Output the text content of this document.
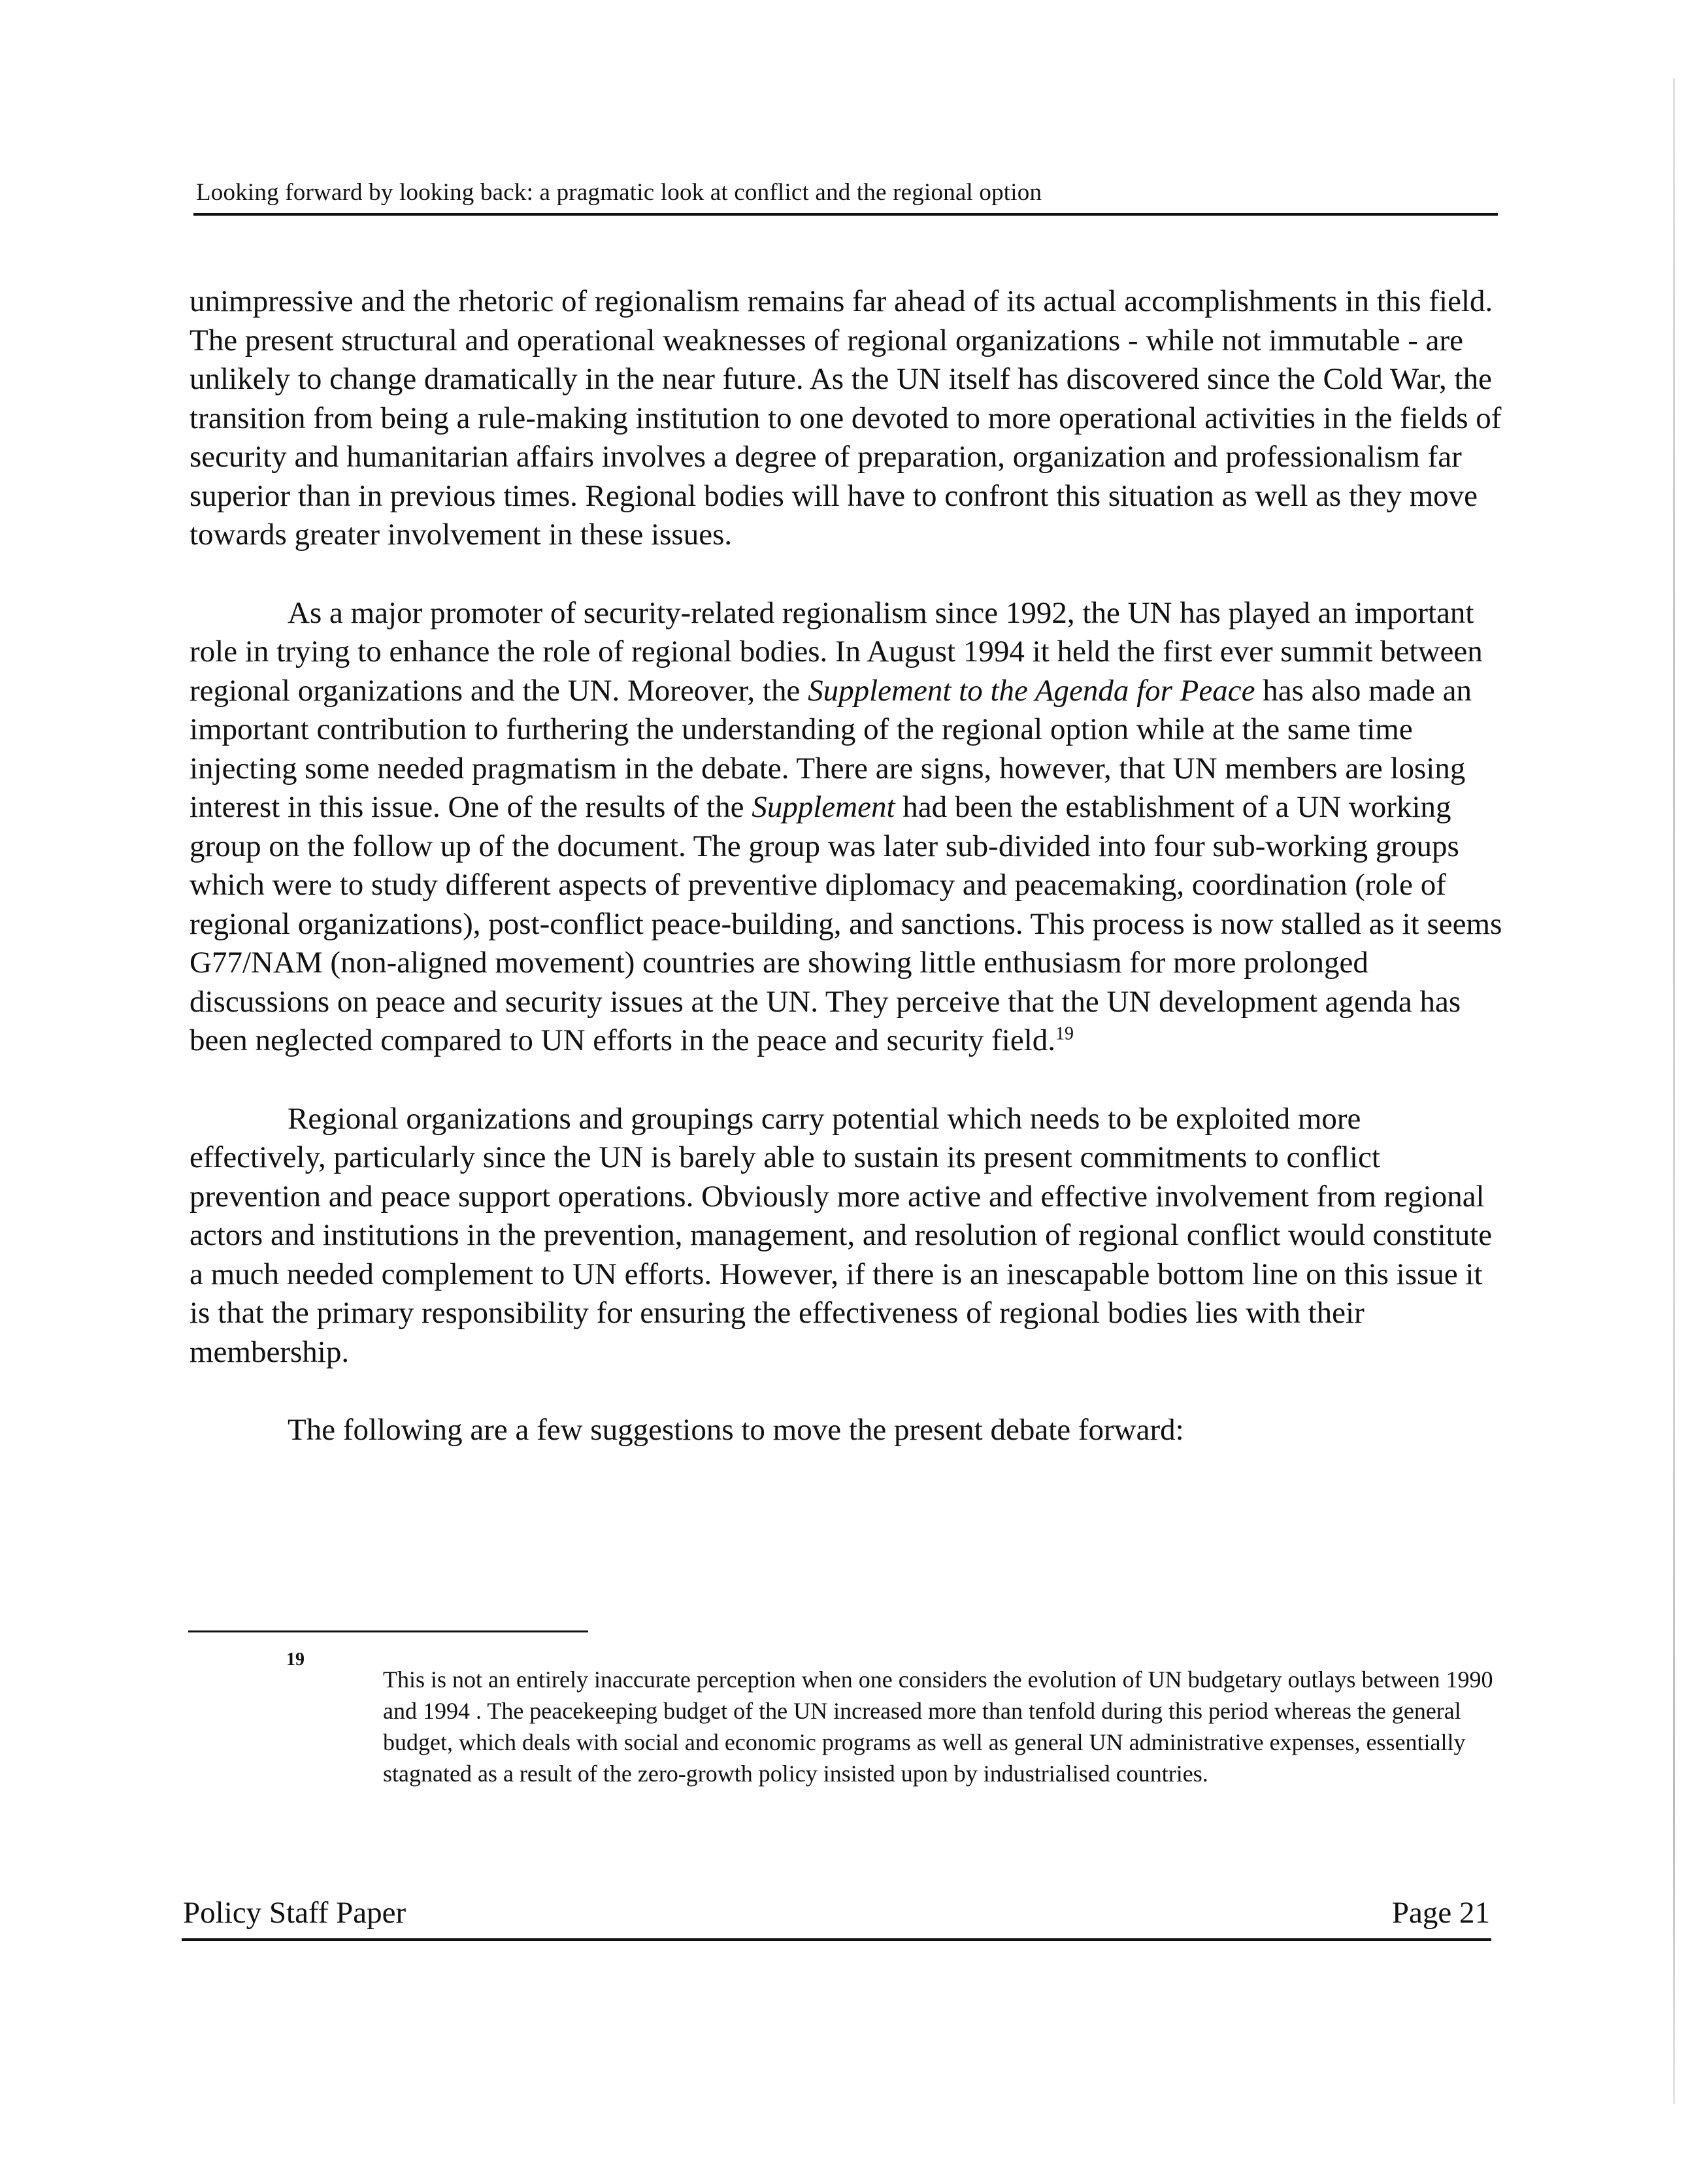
Looking forward by looking back: a pragmatic look at conflict and the regional option

unimpressive and the rhetoric of regionalism remains far ahead of its actual accomplishments in this field. The present structural and operational weaknesses of regional organizations - while not immutable - are unlikely to change dramatically in the near future. As the UN itself has discovered since the Cold War, the transition from being a rule-making institution to one devoted to more operational activities in the fields of security and humanitarian affairs involves a degree of preparation, organization and professionalism far superior than in previous times. Regional bodies will have to confront this situation as well as they move towards greater involvement in these issues.

As a major promoter of security-related regionalism since 1992, the UN has played an important role in trying to enhance the role of regional bodies. In August 1994 it held the first ever summit between regional organizations and the UN. Moreover, the Supplement to the Agenda for Peace has also made an important contribution to furthering the understanding of the regional option while at the same time injecting some needed pragmatism in the debate. There are signs, however, that UN members are losing interest in this issue. One of the results of the Supplement had been the establishment of a UN working group on the follow up of the document. The group was later sub-divided into four sub-working groups which were to study different aspects of preventive diplomacy and peacemaking, coordination (role of regional organizations), post-conflict peace-building, and sanctions. This process is now stalled as it seems G77/NAM (non-aligned movement) countries are showing little enthusiasm for more prolonged discussions on peace and security issues at the UN. They perceive that the UN development agenda has been neglected compared to UN efforts in the peace and security field.$^{19}$

Regional organizations and groupings carry potential which needs to be exploited more effectively, particularly since the UN is barely able to sustain its present commitments to conflict prevention and peace support operations. Obviously more active and effective involvement from regional actors and institutions in the prevention, management, and resolution of regional conflict would constitute a much needed complement to UN efforts. However, if there is an inescapable bottom line on this issue it is that the primary responsibility for ensuring the effectiveness of regional bodies lies with their membership.

The following are a few suggestions to move the present debate forward:

19
This is not an entirely inaccurate perception when one considers the evolution of UN budgetary outlays between 1990 and 1994 . The peacekeeping budget of the UN increased more than tenfold during this period whereas the general budget, which deals with social and economic programs as well as general UN administrative expenses, essentially stagnated as a result of the zero-growth policy insisted upon by industrialised countries.
Policy Staff Paper	Page 21
